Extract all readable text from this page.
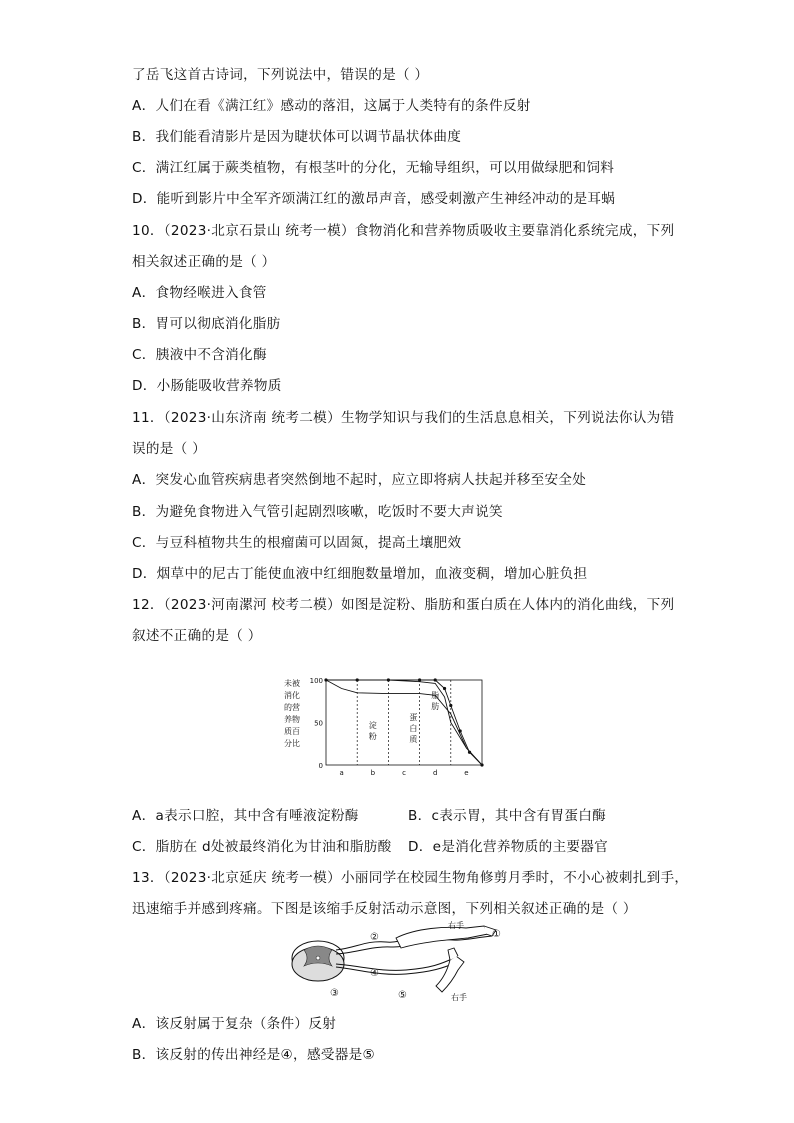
了岳飞这首古诗词，下列说法中，错误的是（ ）
A．人们在看《满江红》感动的落泪，这属于人类特有的条件反射
B．我们能看清影片是因为睫状体可以调节晶状体曲度
C．满江红属于蕨类植物，有根茎叶的分化，无输导组织，可以用做绿肥和饲料
D．能听到影片中全军齐颂满江红的激昂声音，感受刺激产生神经冲动的是耳蜗
10．（2023·北京石景山 统考一模）食物消化和营养物质吸收主要靠消化系统完成，下列
相关叙述正确的是（ ）
A．食物经喉进入食管
B．胃可以彻底消化脂肪
C．胰液中不含消化酶
D．小肠能吸收营养物质
11．（2023·山东济南 统考二模）生物学知识与我们的生活息息相关，下列说法你认为错
误的是（ ）
A．突发心血管疾病患者突然倒地不起时，应立即将病人扶起并移至安全处
B．为避免食物进入气管引起剧烈咳嗽，吃饭时不要大声说笑
C．与豆科植物共生的根瘤菌可以固氮，提高土壤肥效
D．烟草中的尼古丁能使血液中红细胞数量增加，血液变稠，增加心脏负担
12．（2023·河南漯河 校考二模）如图是淀粉、脂肪和蛋白质在人体内的消化曲线，下列
叙述不正确的是（ ）
未被
消化
的营
养物
质百
分比
100
50
0
淀
粉
蛋
白
质
脂
肪
a	b	c	d	e
A．a表示口腔，其中含有唾液淀粉酶	B．c表示胃，其中含有胃蛋白酶
C．脂肪在 d处被最终消化为甘油和脂肪酸 D．e是消化营养物质的主要器官
13．（2023·北京延庆 统考一模）小丽同学在校园生物角修剪月季时，不小心被刺扎到手，
迅速缩手并感到疼痛。下图是该缩手反射活动示意图，下列相关叙述正确的是（ ）
②	①
④
③	⑤
右手
右手
A．该反射属于复杂（条件）反射
B．该反射的传出神经是④，感受器是⑤
